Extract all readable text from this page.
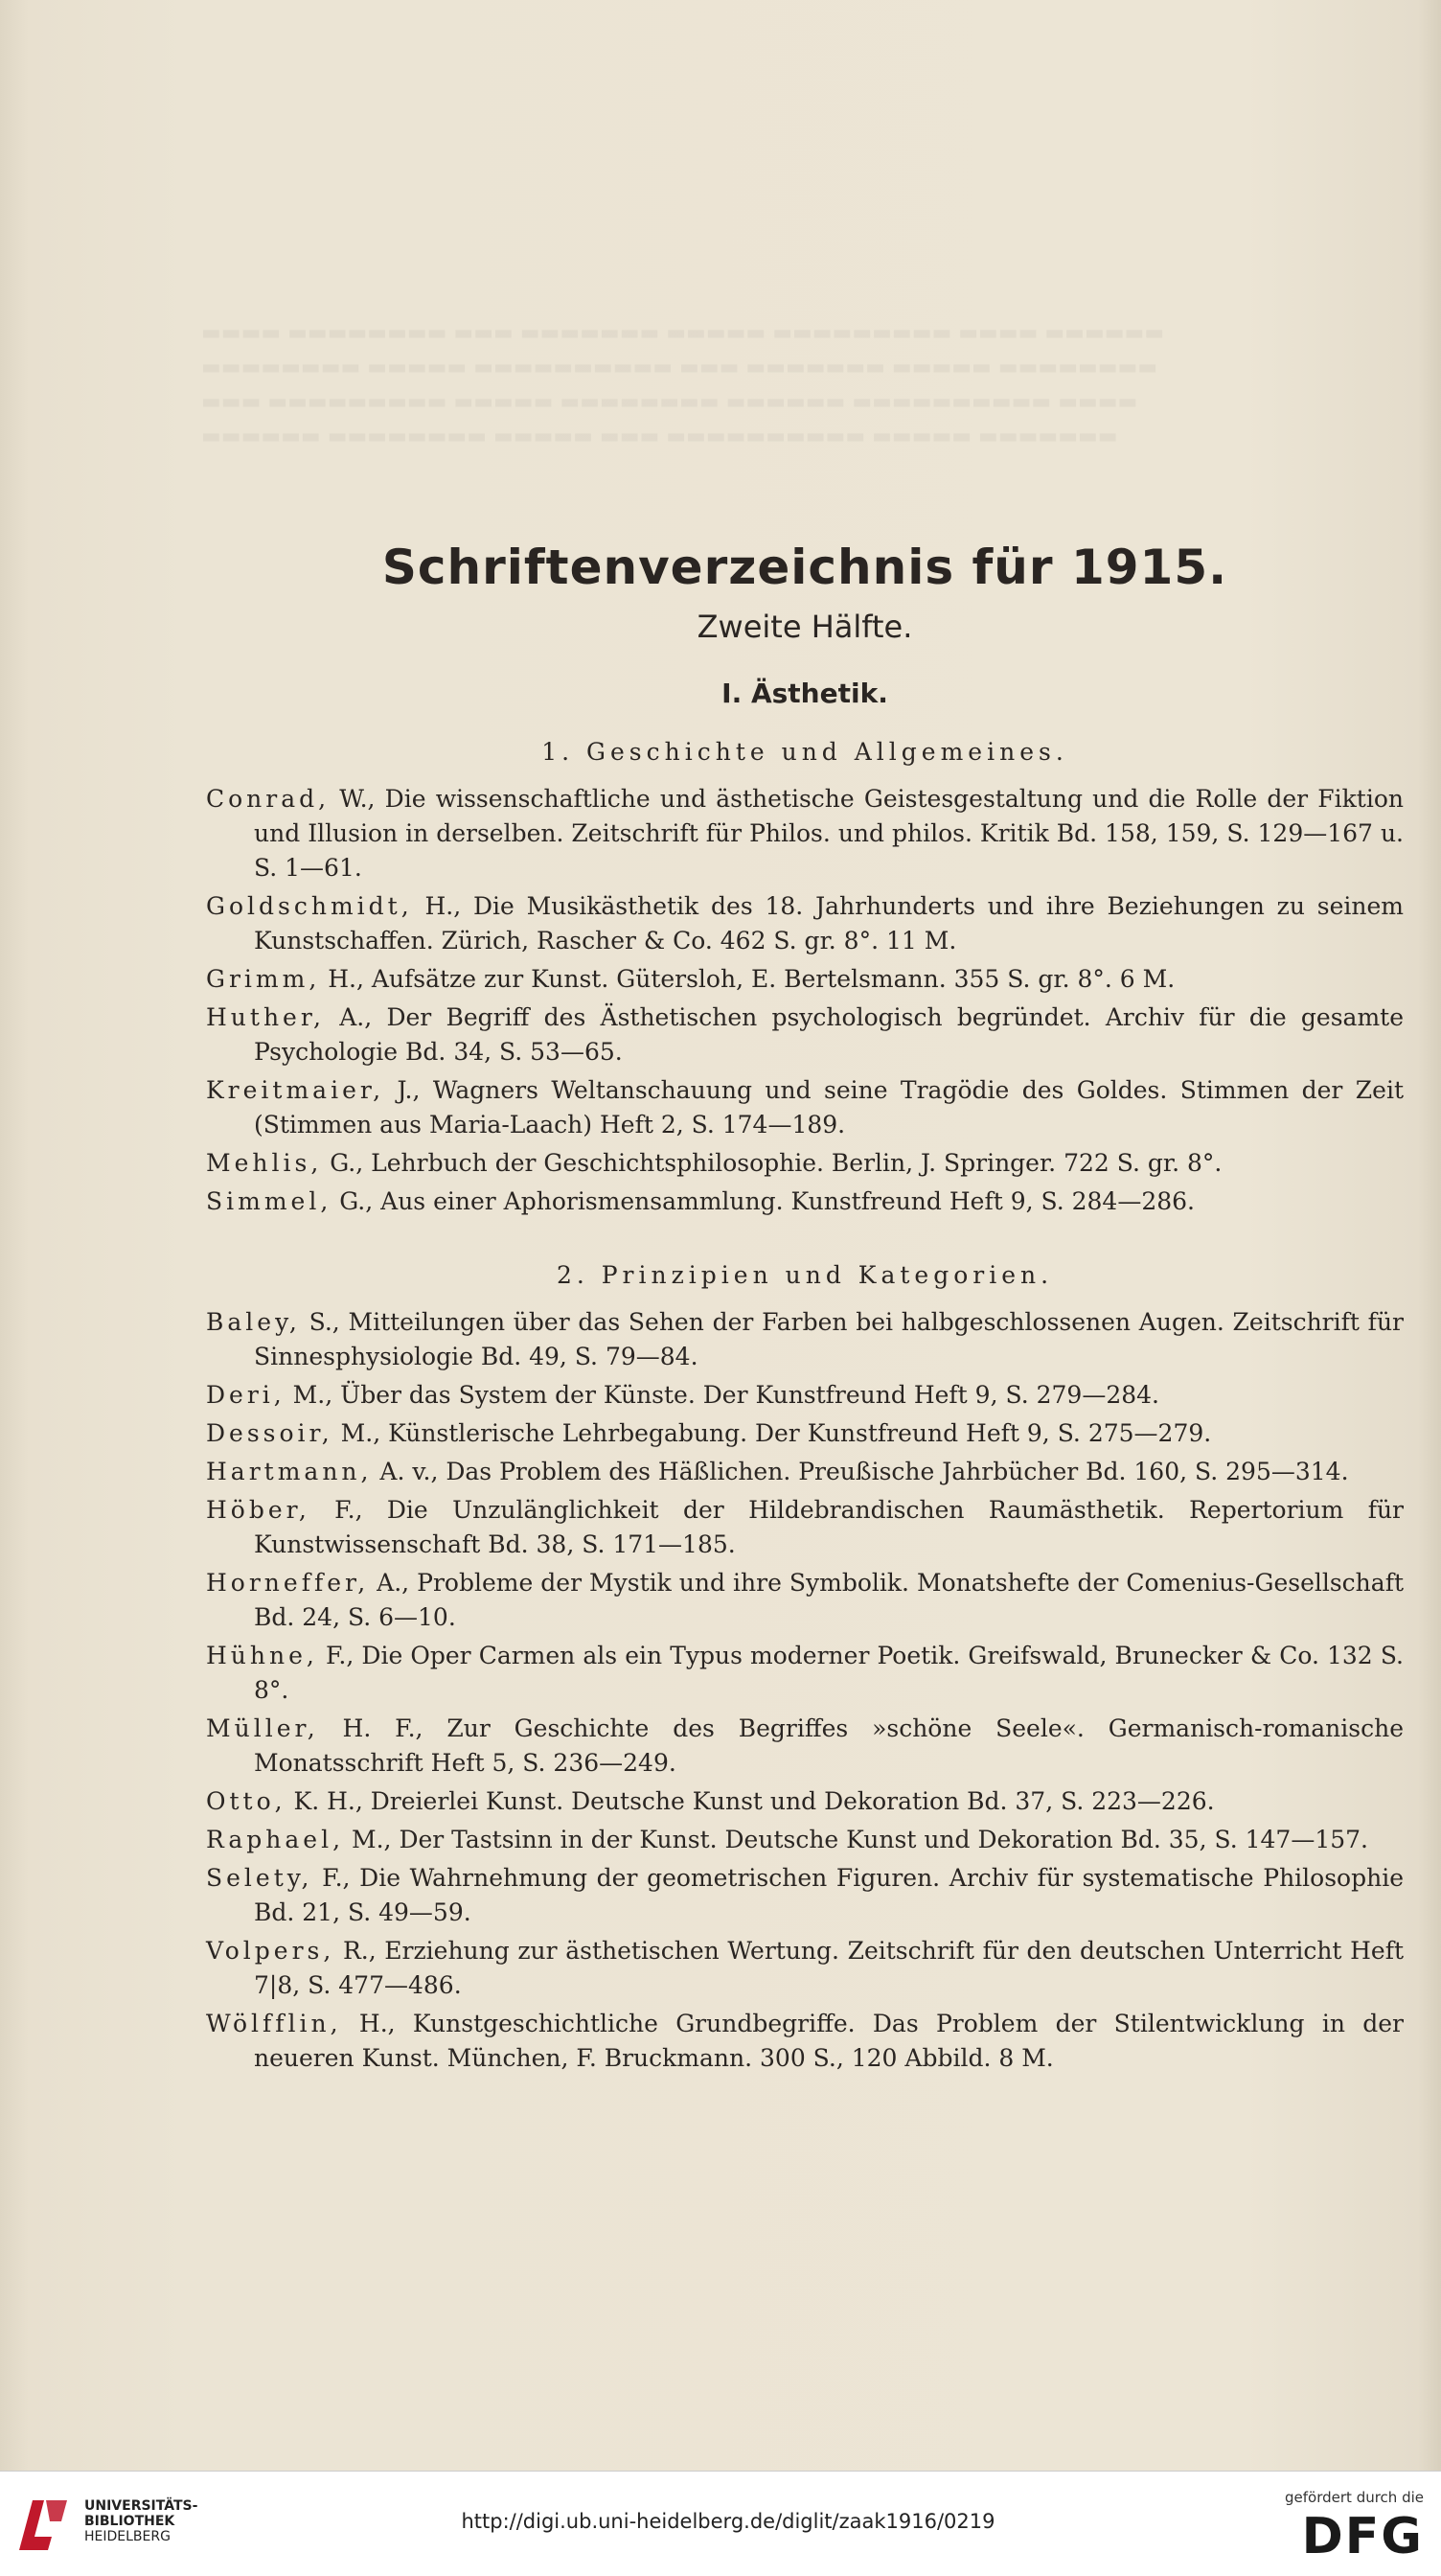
▬▬▬▬ ▬▬▬▬▬▬▬▬ ▬▬▬ ▬▬▬▬▬▬▬ ▬▬▬▬▬ ▬▬▬▬▬▬▬▬▬ ▬▬▬▬ ▬▬▬▬▬▬
▬▬▬▬▬▬▬▬ ▬▬▬▬▬ ▬▬▬▬▬▬▬▬▬▬ ▬▬▬ ▬▬▬▬▬▬▬ ▬▬▬▬▬ ▬▬▬▬▬▬▬▬
▬▬▬ ▬▬▬▬▬▬▬▬▬ ▬▬▬▬▬ ▬▬▬▬▬▬▬▬ ▬▬▬▬▬▬ ▬▬▬▬▬▬▬▬▬▬ ▬▬▬▬
▬▬▬▬▬▬ ▬▬▬▬▬▬▬▬ ▬▬▬▬▬ ▬▬▬ ▬▬▬▬▬▬▬▬▬▬ ▬▬▬▬▬ ▬▬▬▬▬▬▬
Schriftenverzeichnis für 1915.
Zweite Hälfte.
I. Ästhetik.
1. Geschichte und Allgemeines.
Conrad, W., Die wissenschaftliche und ästhetische Geistesgestaltung und die Rolle der Fiktion und Illusion in derselben. Zeitschrift für Philos. und philos. Kritik Bd. 158, 159, S. 129—167 u. S. 1—61.
Goldschmidt, H., Die Musikästhetik des 18. Jahrhunderts und ihre Beziehungen zu seinem Kunstschaffen. Zürich, Rascher & Co. 462 S. gr. 8°. 11 M.
Grimm, H., Aufsätze zur Kunst. Gütersloh, E. Bertelsmann. 355 S. gr. 8°. 6 M.
Huther, A., Der Begriff des Ästhetischen psychologisch begründet. Archiv für die gesamte Psychologie Bd. 34, S. 53—65.
Kreitmaier, J., Wagners Weltanschauung und seine Tragödie des Goldes. Stimmen der Zeit (Stimmen aus Maria-Laach) Heft 2, S. 174—189.
Mehlis, G., Lehrbuch der Geschichtsphilosophie. Berlin, J. Springer. 722 S. gr. 8°.
Simmel, G., Aus einer Aphorismensammlung. Kunstfreund Heft 9, S. 284—286.
2. Prinzipien und Kategorien.
Baley, S., Mitteilungen über das Sehen der Farben bei halbgeschlossenen Augen. Zeitschrift für Sinnesphysiologie Bd. 49, S. 79—84.
Deri, M., Über das System der Künste. Der Kunstfreund Heft 9, S. 279—284.
Dessoir, M., Künstlerische Lehrbegabung. Der Kunstfreund Heft 9, S. 275—279.
Hartmann, A. v., Das Problem des Häßlichen. Preußische Jahrbücher Bd. 160, S. 295—314.
Höber, F., Die Unzulänglichkeit der Hildebrandischen Raumästhetik. Repertorium für Kunstwissenschaft Bd. 38, S. 171—185.
Horneffer, A., Probleme der Mystik und ihre Symbolik. Monatshefte der Comenius-Gesellschaft Bd. 24, S. 6—10.
Hühne, F., Die Oper Carmen als ein Typus moderner Poetik. Greifswald, Brunecker & Co. 132 S. 8°.
Müller, H. F., Zur Geschichte des Begriffes »schöne Seele«. Germanisch-romanische Monatsschrift Heft 5, S. 236—249.
Otto, K. H., Dreierlei Kunst. Deutsche Kunst und Dekoration Bd. 37, S. 223—226.
Raphael, M., Der Tastsinn in der Kunst. Deutsche Kunst und Dekoration Bd. 35, S. 147—157.
Selety, F., Die Wahrnehmung der geometrischen Figuren. Archiv für systematische Philosophie Bd. 21, S. 49—59.
Volpers, R., Erziehung zur ästhetischen Wertung. Zeitschrift für den deutschen Unterricht Heft 7|8, S. 477—486.
Wölfflin, H., Kunstgeschichtliche Grundbegriffe. Das Problem der Stilentwicklung in der neueren Kunst. München, F. Bruckmann. 300 S., 120 Abbild. 8 M.
UNIVERSITÄTS-
BIBLIOTHEK
HEIDELBERG
http://digi.ub.uni-heidelberg.de/diglit/zaak1916/0219
gefördert durch die
DFG
